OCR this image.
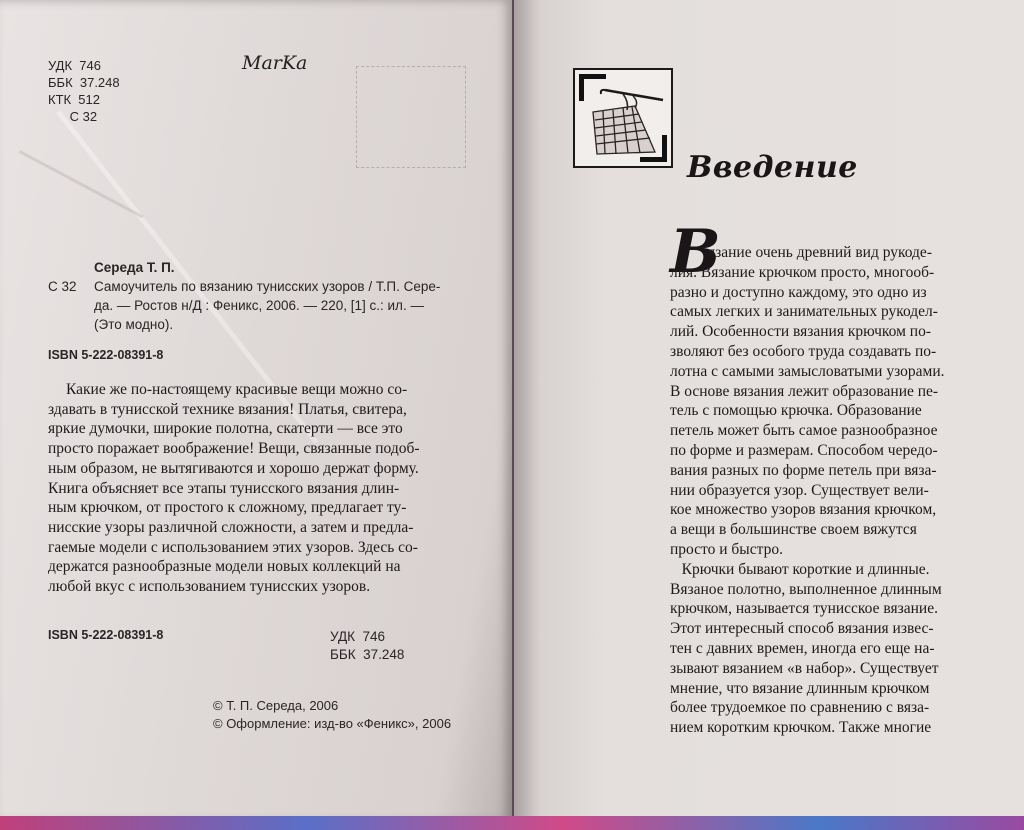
УДК  746
ББК  37.248
КТК  512
С 32
MarKa
Середа Т. П.
С 32 Самоучитель по вязанию тунисских узоров / Т.П. Сере-
да. — Ростов н/Д : Феникс, 2006. — 220, [1] с.: ил. —
(Это модно).
ISBN 5-222-08391-8
Какие же по-настоящему красивые вещи можно со-
здавать в тунисской технике вязания! Платья, свитера,
яркие думочки, широкие полотна, скатерти — все это
просто поражает воображение! Вещи, связанные подоб-
ным образом, не вытягиваются и хорошо держат форму.
Книга объясняет все этапы тунисского вязания длин-
ным крючком, от простого к сложному, предлагает ту-
нисские узоры различной сложности, а затем и предла-
гаемые модели с использованием этих узоров. Здесь со-
держатся разнообразные модели новых коллекций на
любой вкус с использованием тунисских узоров.
ISBN 5-222-08391-8	УДК  746
ББК  37.248
© Т. П. Середа, 2006
© Оформление: изд-во «Феникс», 2006
Введение
В
язание очень древний вид рукоде-
лия. Вязание крючком просто, многооб-
разно и доступно каждому, это одно из
самых легких и занимательных рукодел-
лий. Особенности вязания крючком по-
зволяют без особого труда создавать по-
лотна с самыми замысловатыми узорами.
В основе вязания лежит образование пе-
тель с помощью крючка. Образование
петель может быть самое разнообразное
по форме и размерам. Способом чередо-
вания разных по форме петель при вяза-
нии образуется узор. Существует вели-
кое множество узоров вязания крючком,
а вещи в большинстве своем вяжутся
просто и быстро.
Крючки бывают короткие и длинные.
Вязаное полотно, выполненное длинным
крючком, называется тунисское вязание.
Этот интересный способ вязания извес-
тен с давних времен, иногда его еще на-
зывают вязанием «в набор». Существует
мнение, что вязание длинным крючком
более трудоемкое по сравнению с вяза-
нием коротким крючком. Также многие
